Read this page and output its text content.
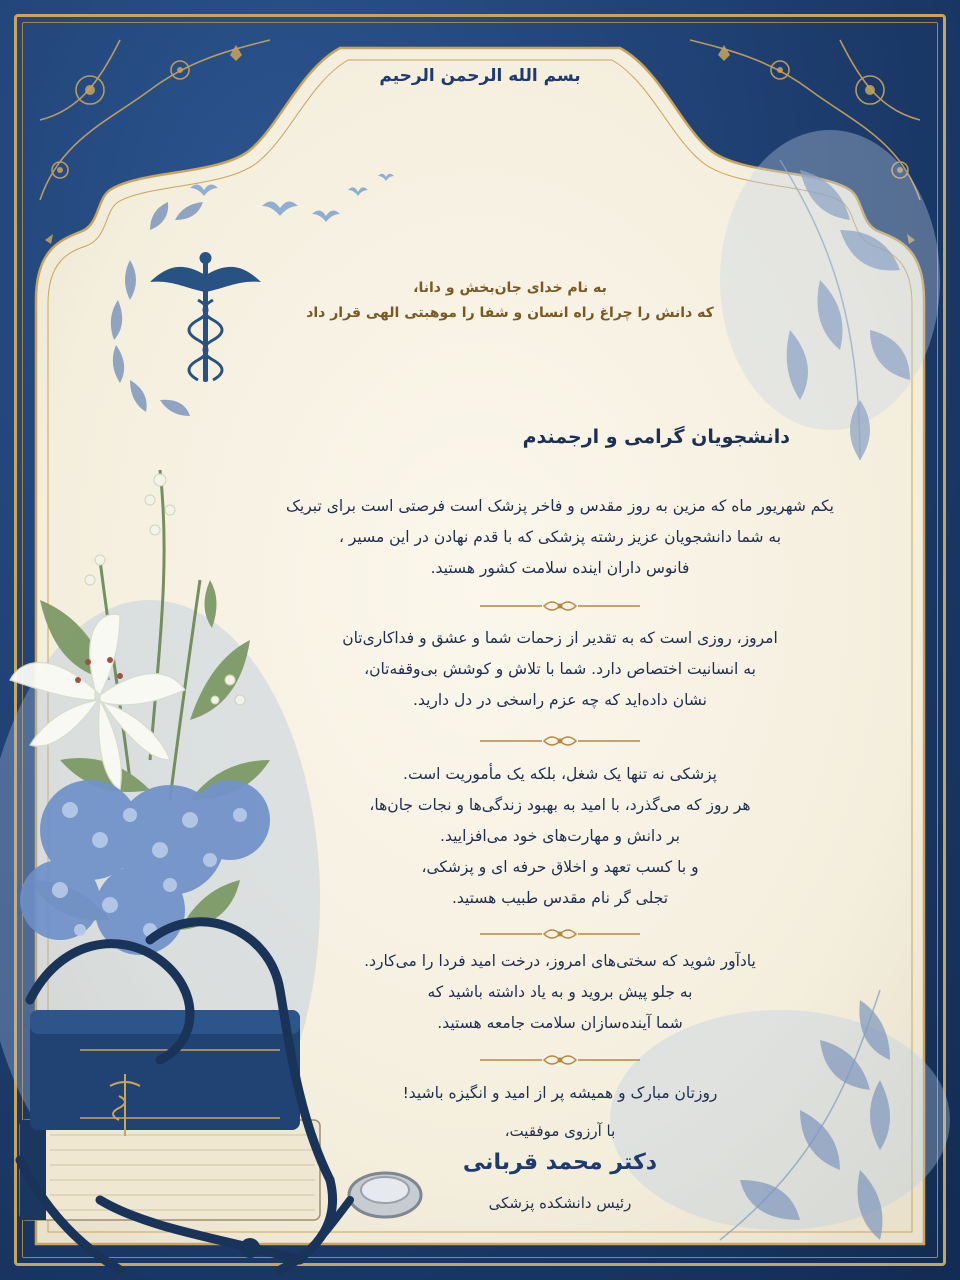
بسم الله الرحمن الرحیم
به نام خدای جان‌بخش و دانا،
که دانش را چراغ راه انسان و شفا را موهبتی الهی قرار داد
دانشجویان گرامی و ارجمندم
یکم شهریور ماه که مزین به روز مقدس و فاخر پزشک است فرصتی است برای تبریک
به شما دانشجویان عزیز رشته پزشکی که با قدم نهادن در این مسیر ،
فانوس داران اینده سلامت کشور هستید.
امروز، روزی است که به تقدیر از زحمات شما و عشق و فداکاری‌تان
به انسانیت اختصاص دارد. شما با تلاش و کوشش بی‌وقفه‌تان،
نشان داده‌اید که چه عزم راسخی در دل دارید.
پزشکی نه تنها یک شغل، بلکه یک مأموریت است.
هر روز که می‌گذرد، با امید به بهبود زندگی‌ها و نجات جان‌ها،
بر دانش و مهارت‌های خود می‌افزایید.
و با کسب تعهد و اخلاق حرفه ای و پزشکی،
تجلی گر نام مقدس طبیب هستید.
یادآور شوید که سختی‌های امروز، درخت امید فردا را می‌کارد.
به جلو پیش بروید و به یاد داشته باشید که
شما آینده‌سازان سلامت جامعه هستید.
روزتان مبارک و همیشه پر از امید و انگیزه باشید!
با آرزوی موفقیت،
دکتر محمد قربانی
رئیس دانشکده پزشکی
